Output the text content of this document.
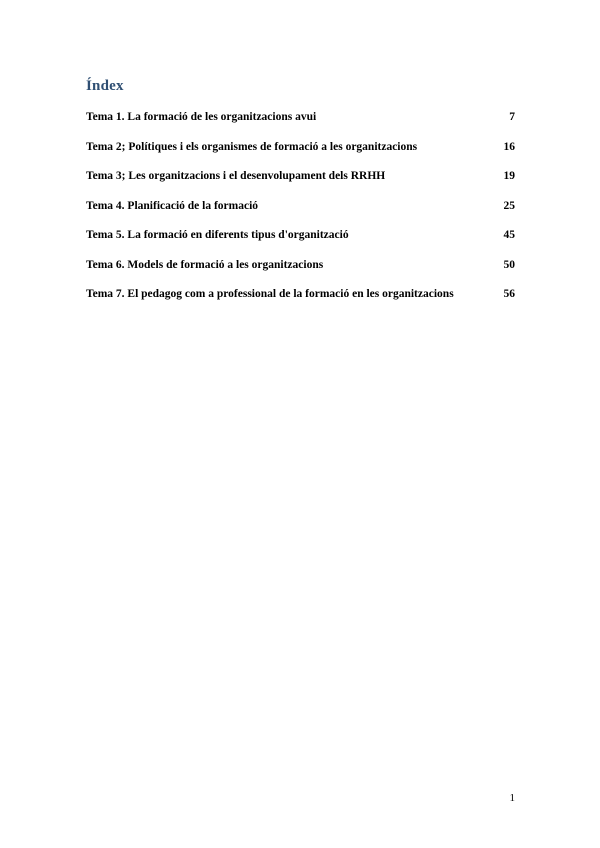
Índex
Tema 1. La formació de les organitzacions avui	7
Tema 2; Polítiques i els organismes de formació a les organitzacions	16
Tema 3; Les organitzacions i el desenvolupament dels RRHH	19
Tema 4. Planificació de la formació	25
Tema 5. La formació en diferents tipus d'organització	45
Tema 6. Models de formació a les organitzacions	50
Tema 7. El pedagog com a professional de la formació en les organitzacions	56
1
